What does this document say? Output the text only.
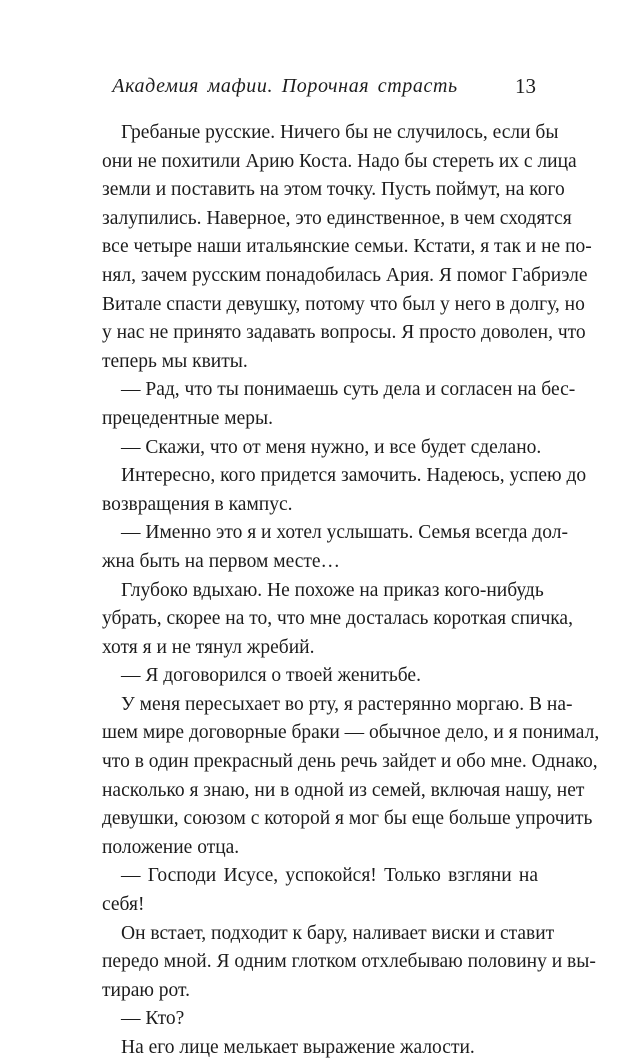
Академия мафии. Порочная страсть	13

Гребаные русские. Ничего бы не случилось, если бы
они не похитили Арию Коста. Надо бы стереть их с лица
земли и поставить на этом точку. Пусть поймут, на кого
залупились. Наверное, это единственное, в чем сходятся
все четыре наши итальянские семьи. Кстати, я так и не по-
нял, зачем русским понадобилась Ария. Я помог Габриэле
Витале спасти девушку, потому что был у него в долгу, но
у нас не принято задавать вопросы. Я просто доволен, что
теперь мы квиты.

— Рад, что ты понимаешь суть дела и согласен на бес-
прецедентные меры.

— Скажи, что от меня нужно, и все будет сделано.

Интересно, кого придется замочить. Надеюсь, успею до
возвращения в кампус.

— Именно это я и хотел услышать. Семья всегда дол-
жна быть на первом месте…

Глубоко вдыхаю. Не похоже на приказ кого-нибудь
убрать, скорее на то, что мне досталась короткая спичка,
хотя я и не тянул жребий.

— Я договорился о твоей женитьбе.

У меня пересыхает во рту, я растерянно моргаю. В на-
шем мире договорные браки — обычное дело, и я понимал,
что в один прекрасный день речь зайдет и обо мне. Однако,
насколько я знаю, ни в одной из семей, включая нашу, нет
девушки, союзом с которой я мог бы еще больше упрочить
положение отца.

— Господи Исусе, успокойся! Только взгляни на
себя!

Он встает, подходит к бару, наливает виски и ставит
передо мной. Я одним глотком отхлебываю половину и вы-
тираю рот.

— Кто?

На его лице мелькает выражение жалости.
